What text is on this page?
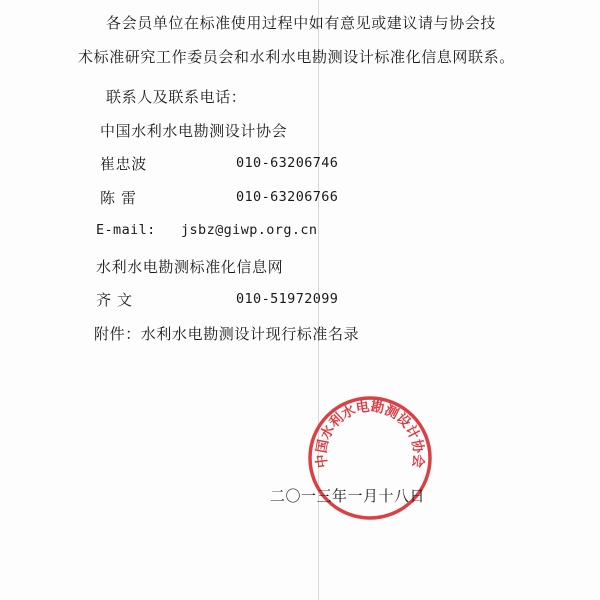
各会员单位在标准使用过程中如有意见或建议请与协会技
术标准研究工作委员会和水利水电勘测设计标准化信息网联系。
联系人及联系电话：
中国水利水电勘测设计协会
崔忠波	010-63206746
陈 雷	010-63206766
E-mail: jsbz@giwp.org.cn
水利水电勘测标准化信息网
齐 文	010-51972099
附件：水利水电勘测设计现行标准名录
中国水利水电勘测设计协会
二〇一三年一月十八日
